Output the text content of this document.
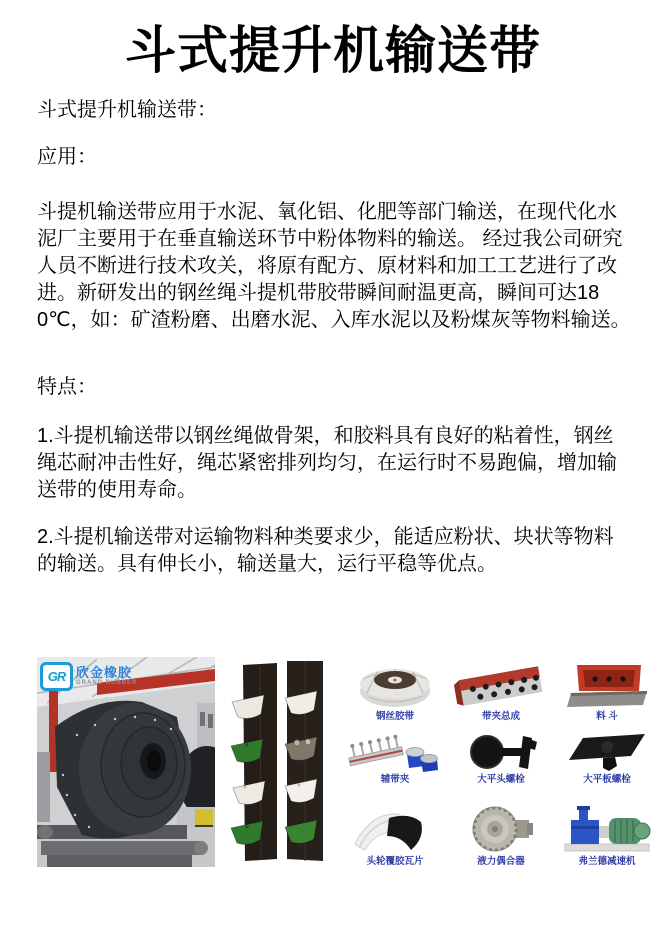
斗式提升机输送带

斗式提升机输送带：

应用：

斗提机输送带应用于水泥、氧化铝、化肥等部门输送，在现代化水泥厂主要用于在垂直输送环节中粉体物料的输送。 经过我公司研究人员不断进行技术攻关，将原有配方、原材料和加工工艺进行了改进。新研发出的钢丝绳斗提机带胶带瞬间耐温更高，瞬间可达180℃，如：矿渣粉磨、出磨水泥、入库水泥以及粉煤灰等物料输送。

特点：

1.斗提机输送带以钢丝绳做骨架，和胶料具有良好的粘着性，钢丝绳芯耐冲击性好，绳芯紧密排列均匀，在运行时不易跑偏，增加输送带的使用寿命。

2.斗提机输送带对运输物料种类要求少，能适应粉状、块状等物料的输送。具有伸长小，输送量大，运行平稳等优点。

GR 欣金橡胶
GRAND RUBBER
钢丝胶带	带夹总成	料 斗
辅带夹	大平头螺栓	大平板螺栓
头轮覆胶瓦片	液力偶合器	弗兰德减速机
